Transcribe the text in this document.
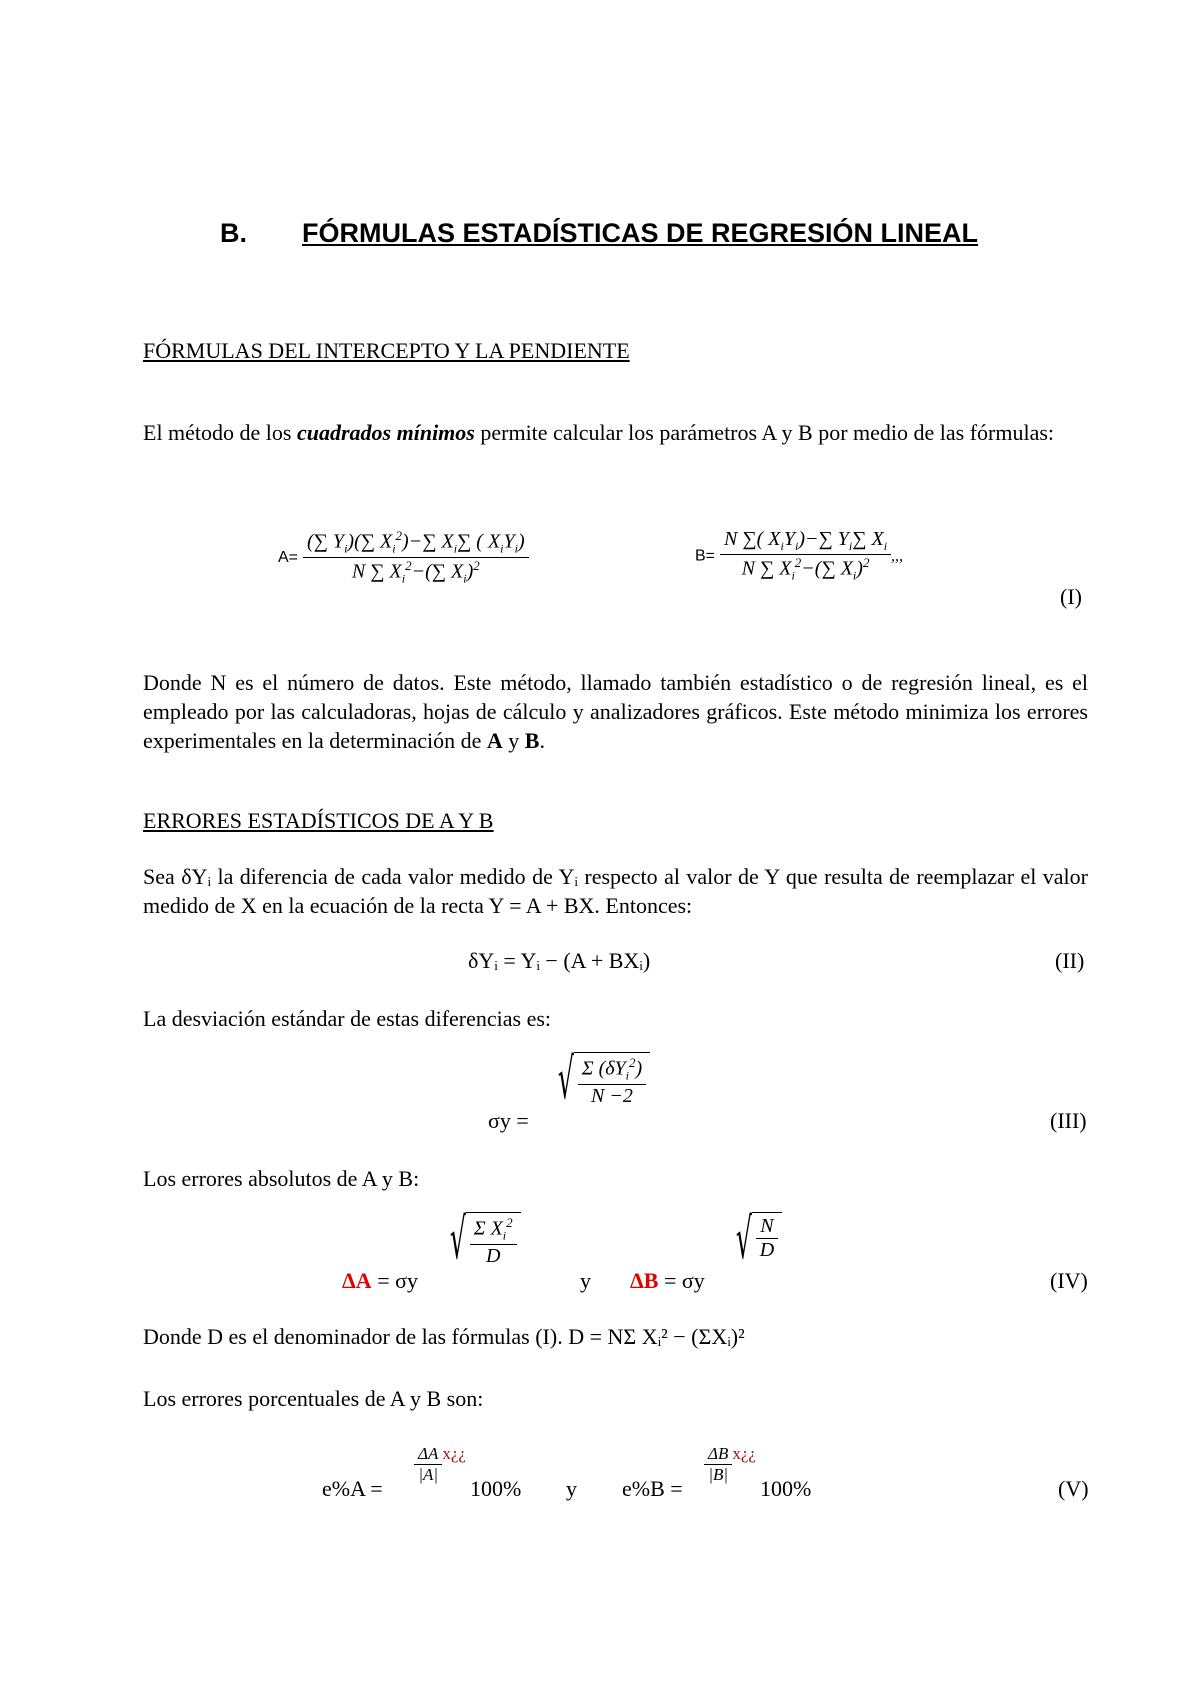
B. FÓRMULAS ESTADÍSTICAS DE REGRESIÓN LINEAL
FÓRMULAS DEL INTERCEPTO Y LA PENDIENTE
El método de los cuadrados mínimos permite calcular los parámetros A y B por medio de las fórmulas:
$A= \frac{(\sum Y_i)(\sum X_i^2)-\sum X_i\sum ( X_iY_i)}{N \sum X_i^2-(\sum X_i)^2}$	$B= \frac{N \sum( X_iY_i)-\sum Y_i\sum X_i}{N \sum X_i^2-(\sum X_i)^2}$ ,,,
(I)
Donde N es el número de datos. Este método, llamado también estadístico o de regresión lineal, es el empleado por las calculadoras, hojas de cálculo y analizadores gráficos. Este método minimiza los errores experimentales en la determinación de A y B.
ERRORES ESTADÍSTICOS DE A Y B
Sea δYᵢ la diferencia de cada valor medido de Yᵢ respecto al valor de Y que resulta de reemplazar el valor medido de X en la ecuación de la recta Y = A + BX. Entonces:
δYᵢ = Yᵢ − (A + BXᵢ)	(II)
La desviación estándar de estas diferencias es:
σy =
√ $\frac{\Sigma (\delta Y_i^2)}{N -2}$
(III)
Los errores absolutos de A y B:
ΔA = σy
√ $\frac{\Sigma X_i^2}{D}$
y ΔB = σy
√ $\frac{N}{D}$
(IV)
Donde D es el denominador de las fórmulas (I). D = NΣ Xᵢ² − (ΣXᵢ)²
Los errores porcentuales de A y B son:
e%A =
$\frac{\Delta A}{|A|}$ x¿¿
100% y e%B =
$\frac{\Delta B}{|B|}$ x¿¿
100%	(V)
